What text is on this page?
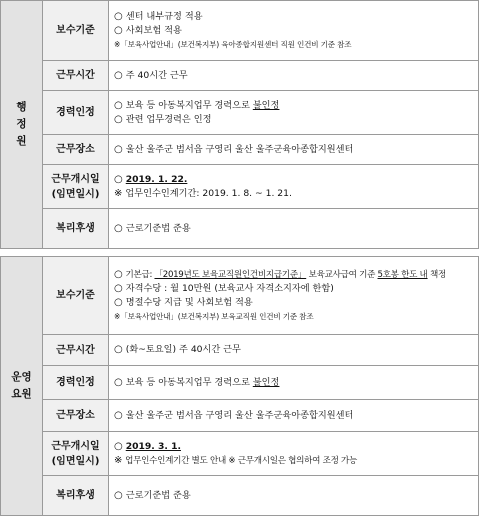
행
정
원	보수기준	○ 센터 내부규정 적용
○ 사회보험 적용
※「보육사업안내」(보건복지부) 육아종합지원센터 직원 인건비 기준 참조

	근무시간	○ 주 40시간 근무

	경력인정	○ 보육 등 아동복지업무 경력으로 불인정
○ 관련 업무경력은 인정

	근무장소	○ 울산 울주군 범서읍 구영리 울산 울주군육아종합지원센터

	근무개시일
(임면일시)	○ 2019. 1. 22.
※ 업무인수인계기간: 2019. 1. 8. ~ 1. 21.

	복리후생	○ 근로기준법 준용
운영
요원	보수기준	○ 기본급: 「2019년도 보육교직원인건비지급기준」 보육교사급여 기준 5호봉 한도 내 책정
○ 자격수당 : 월 10만원 (보육교사 자격소지자에 한함)
○ 명절수당 지급 및 사회보험 적용
※「보육사업안내」(보건복지부) 보육교직원 인건비 기준 참조

	근무시간	○ (화~토요일) 주 40시간 근무

	경력인정	○ 보육 등 아동복지업무 경력으로 불인정

	근무장소	○ 울산 울주군 범서읍 구영리 울산 울주군육아종합지원센터

	근무개시일
(임면일시)	○ 2019. 3. 1.
※ 업무인수인계기간 별도 안내 ※ 근무개시일은 협의하여 조정 가능

	복리후생	○ 근로기준법 준용
